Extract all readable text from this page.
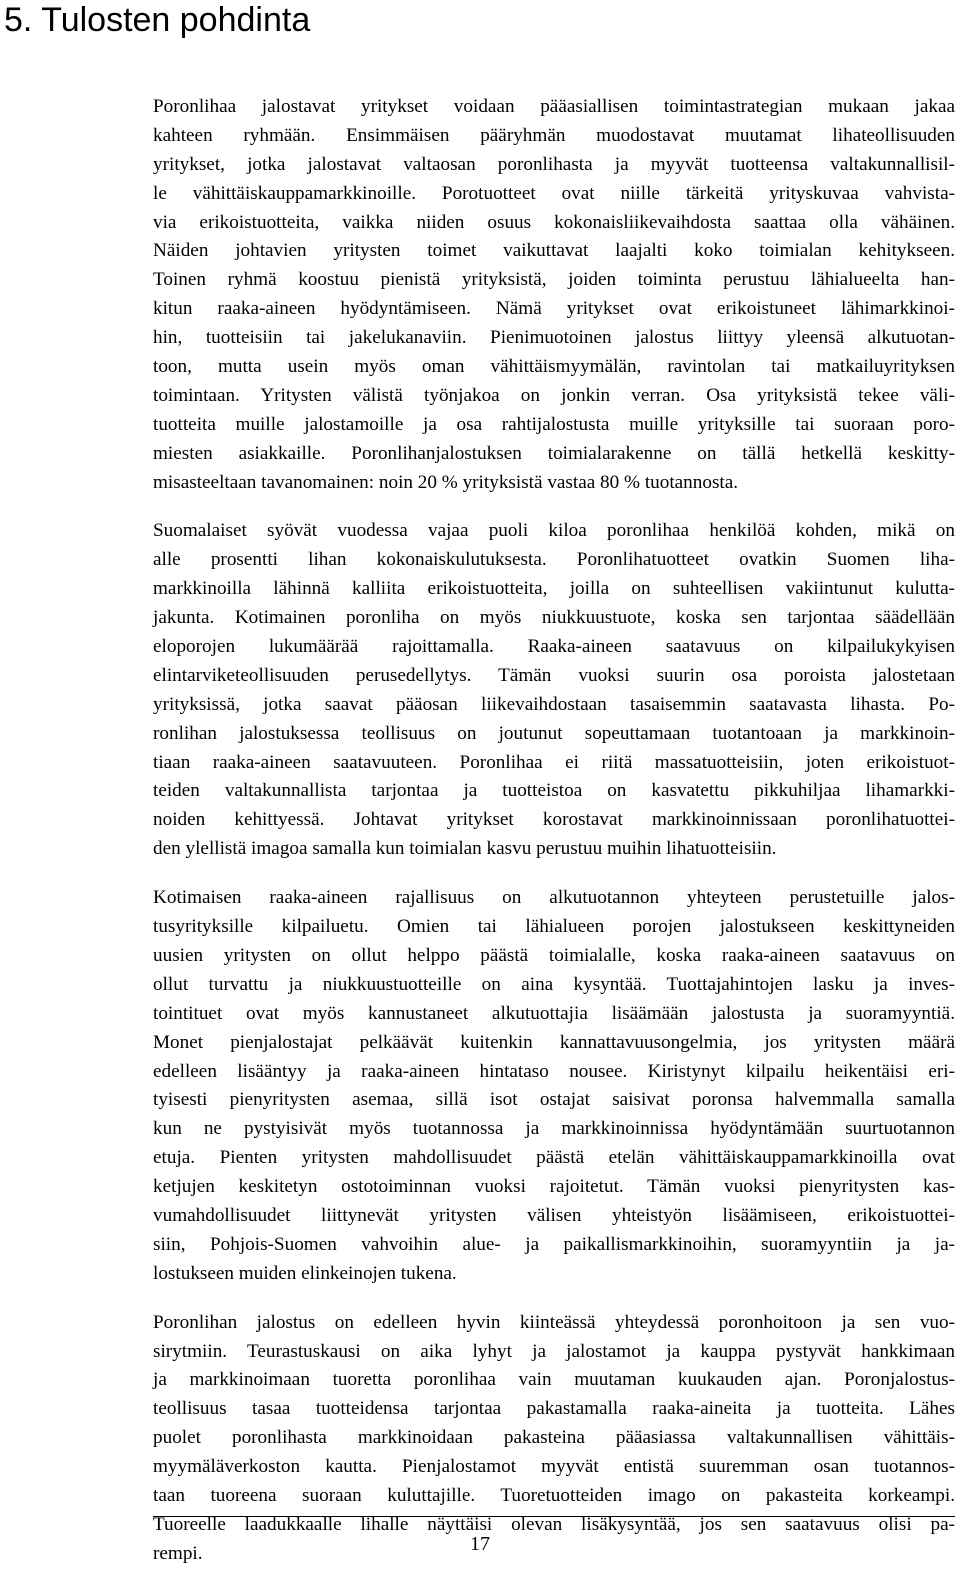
5. Tulosten pohdinta

Poronlihaa jalostavat yritykset voidaan pääasiallisen toimintastrategian mukaan jakaa
kahteen ryhmään. Ensimmäisen pääryhmän muodostavat muutamat lihateollisuuden
yritykset, jotka jalostavat valtaosan poronlihasta ja myyvät tuotteensa valtakunnallisil-
le vähittäiskauppamarkkinoille. Porotuotteet ovat niille tärkeitä yrityskuvaa vahvista-
via erikoistuotteita, vaikka niiden osuus kokonaisliikevaihdosta saattaa olla vähäinen.
Näiden johtavien yritysten toimet vaikuttavat laajalti koko toimialan kehitykseen.
Toinen ryhmä koostuu pienistä yrityksistä, joiden toiminta perustuu lähialueelta han-
kitun raaka-aineen hyödyntämiseen. Nämä yritykset ovat erikoistuneet lähimarkkinoi-
hin, tuotteisiin tai jakelukanaviin. Pienimuotoinen jalostus liittyy yleensä alkutuotan-
toon, mutta usein myös oman vähittäismyymälän, ravintolan tai matkailuyrityksen
toimintaan. Yritysten välistä työnjakoa on jonkin verran. Osa yrityksistä tekee väli-
tuotteita muille jalostamoille ja osa rahtijalostusta muille yrityksille tai suoraan poro-
miesten asiakkaille. Poronlihanjalostuksen toimialarakenne on tällä hetkellä keskitty-
misasteeltaan tavanomainen: noin 20 % yrityksistä vastaa 80 % tuotannosta.

Suomalaiset syövät vuodessa vajaa puoli kiloa poronlihaa henkilöä kohden, mikä on
alle prosentti lihan kokonaiskulutuksesta. Poronlihatuotteet ovatkin Suomen liha-
markkinoilla lähinnä kalliita erikoistuotteita, joilla on suhteellisen vakiintunut kulutta-
jakunta. Kotimainen poronliha on myös niukkuustuote, koska sen tarjontaa säädellään
eloporojen lukumäärää rajoittamalla. Raaka-aineen saatavuus on kilpailukykyisen
elintarviketeollisuuden perusedellytys. Tämän vuoksi suurin osa poroista jalostetaan
yrityksissä, jotka saavat pääosan liikevaihdostaan tasaisemmin saatavasta lihasta. Po-
ronlihan jalostuksessa teollisuus on joutunut sopeuttamaan tuotantoaan ja markkinoin-
tiaan raaka-aineen saatavuuteen. Poronlihaa ei riitä massatuotteisiin, joten erikoistuot-
teiden valtakunnallista tarjontaa ja tuotteistoa on kasvatettu pikkuhiljaa lihamarkki-
noiden kehittyessä. Johtavat yritykset korostavat markkinoinnissaan poronlihatuottei-
den ylellistä imagoa samalla kun toimialan kasvu perustuu muihin lihatuotteisiin.

Kotimaisen raaka-aineen rajallisuus on alkutuotannon yhteyteen perustetuille jalos-
tusyrityksille kilpailuetu. Omien tai lähialueen porojen jalostukseen keskittyneiden
uusien yritysten on ollut helppo päästä toimialalle, koska raaka-aineen saatavuus on
ollut turvattu ja niukkuustuotteille on aina kysyntää. Tuottajahintojen lasku ja inves-
tointituet ovat myös kannustaneet alkutuottajia lisäämään jalostusta ja suoramyyntiä.
Monet pienjalostajat pelkäävät kuitenkin kannattavuusongelmia, jos yritysten määrä
edelleen lisääntyy ja raaka-aineen hintataso nousee. Kiristynyt kilpailu heikentäisi eri-
tyisesti pienyritysten asemaa, sillä isot ostajat saisivat poronsa halvemmalla samalla
kun ne pystyisivät myös tuotannossa ja markkinoinnissa hyödyntämään suurtuotannon
etuja. Pienten yritysten mahdollisuudet päästä etelän vähittäiskauppamarkkinoilla ovat
ketjujen keskitetyn ostotoiminnan vuoksi rajoitetut. Tämän vuoksi pienyritysten kas-
vumahdollisuudet liittynevät yritysten välisen yhteistyön lisäämiseen, erikoistuottei-
siin, Pohjois-Suomen vahvoihin alue- ja paikallismarkkinoihin, suoramyyntiin ja ja-
lostukseen muiden elinkeinojen tukena.

Poronlihan jalostus on edelleen hyvin kiinteässä yhteydessä poronhoitoon ja sen vuo-
sirytmiin. Teurastuskausi on aika lyhyt ja jalostamot ja kauppa pystyvät hankkimaan
ja markkinoimaan tuoretta poronlihaa vain muutaman kuukauden ajan. Poronjalostus-
teollisuus tasaa tuotteidensa tarjontaa pakastamalla raaka-aineita ja tuotteita. Lähes
puolet poronlihasta markkinoidaan pakasteina pääasiassa valtakunnallisen vähittäis-
myymäläverkoston kautta. Pienjalostamot myyvät entistä suuremman osan tuotannos-
taan tuoreena suoraan kuluttajille. Tuoretuotteiden imago on pakasteita korkeampi.
Tuoreelle laadukkaalle lihalle näyttäisi olevan lisäkysyntää, jos sen saatavuus olisi pa-
rempi.	17
